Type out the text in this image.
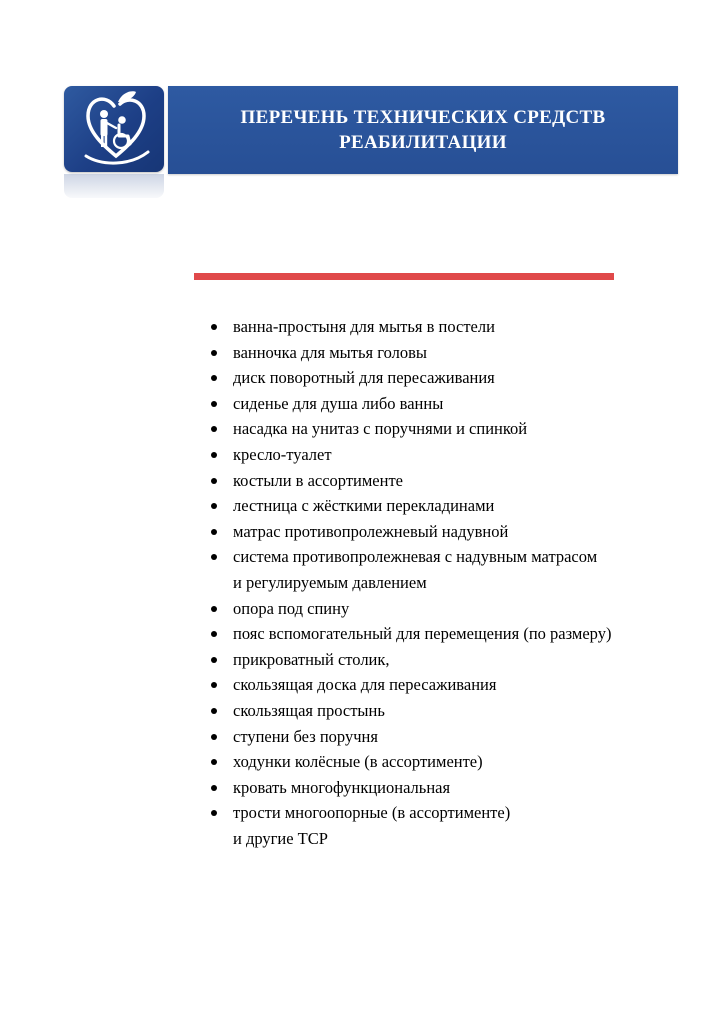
ПЕРЕЧЕНЬ ТЕХНИЧЕСКИХ СРЕДСТВ
РЕАБИЛИТАЦИИ
ванна-простыня для мытья в постели
ванночка для мытья головы
диск поворотный для пересаживания
сиденье для душа либо ванны
насадка на унитаз с поручнями и спинкой
кресло-туалет
костыли в ассортименте
лестница с жёсткими перекладинами
матрас противопролежневый надувной
система противопролежневая с надувным матрасом
и регулируемым давлением
опора под спину
пояс вспомогательный для перемещения (по размеру)
прикроватный столик,
скользящая доска для пересаживания
скользящая простынь
ступени без поручня
ходунки колёсные (в ассортименте)
кровать многофункциональная
трости многоопорные (в ассортименте)
и другие ТСР
